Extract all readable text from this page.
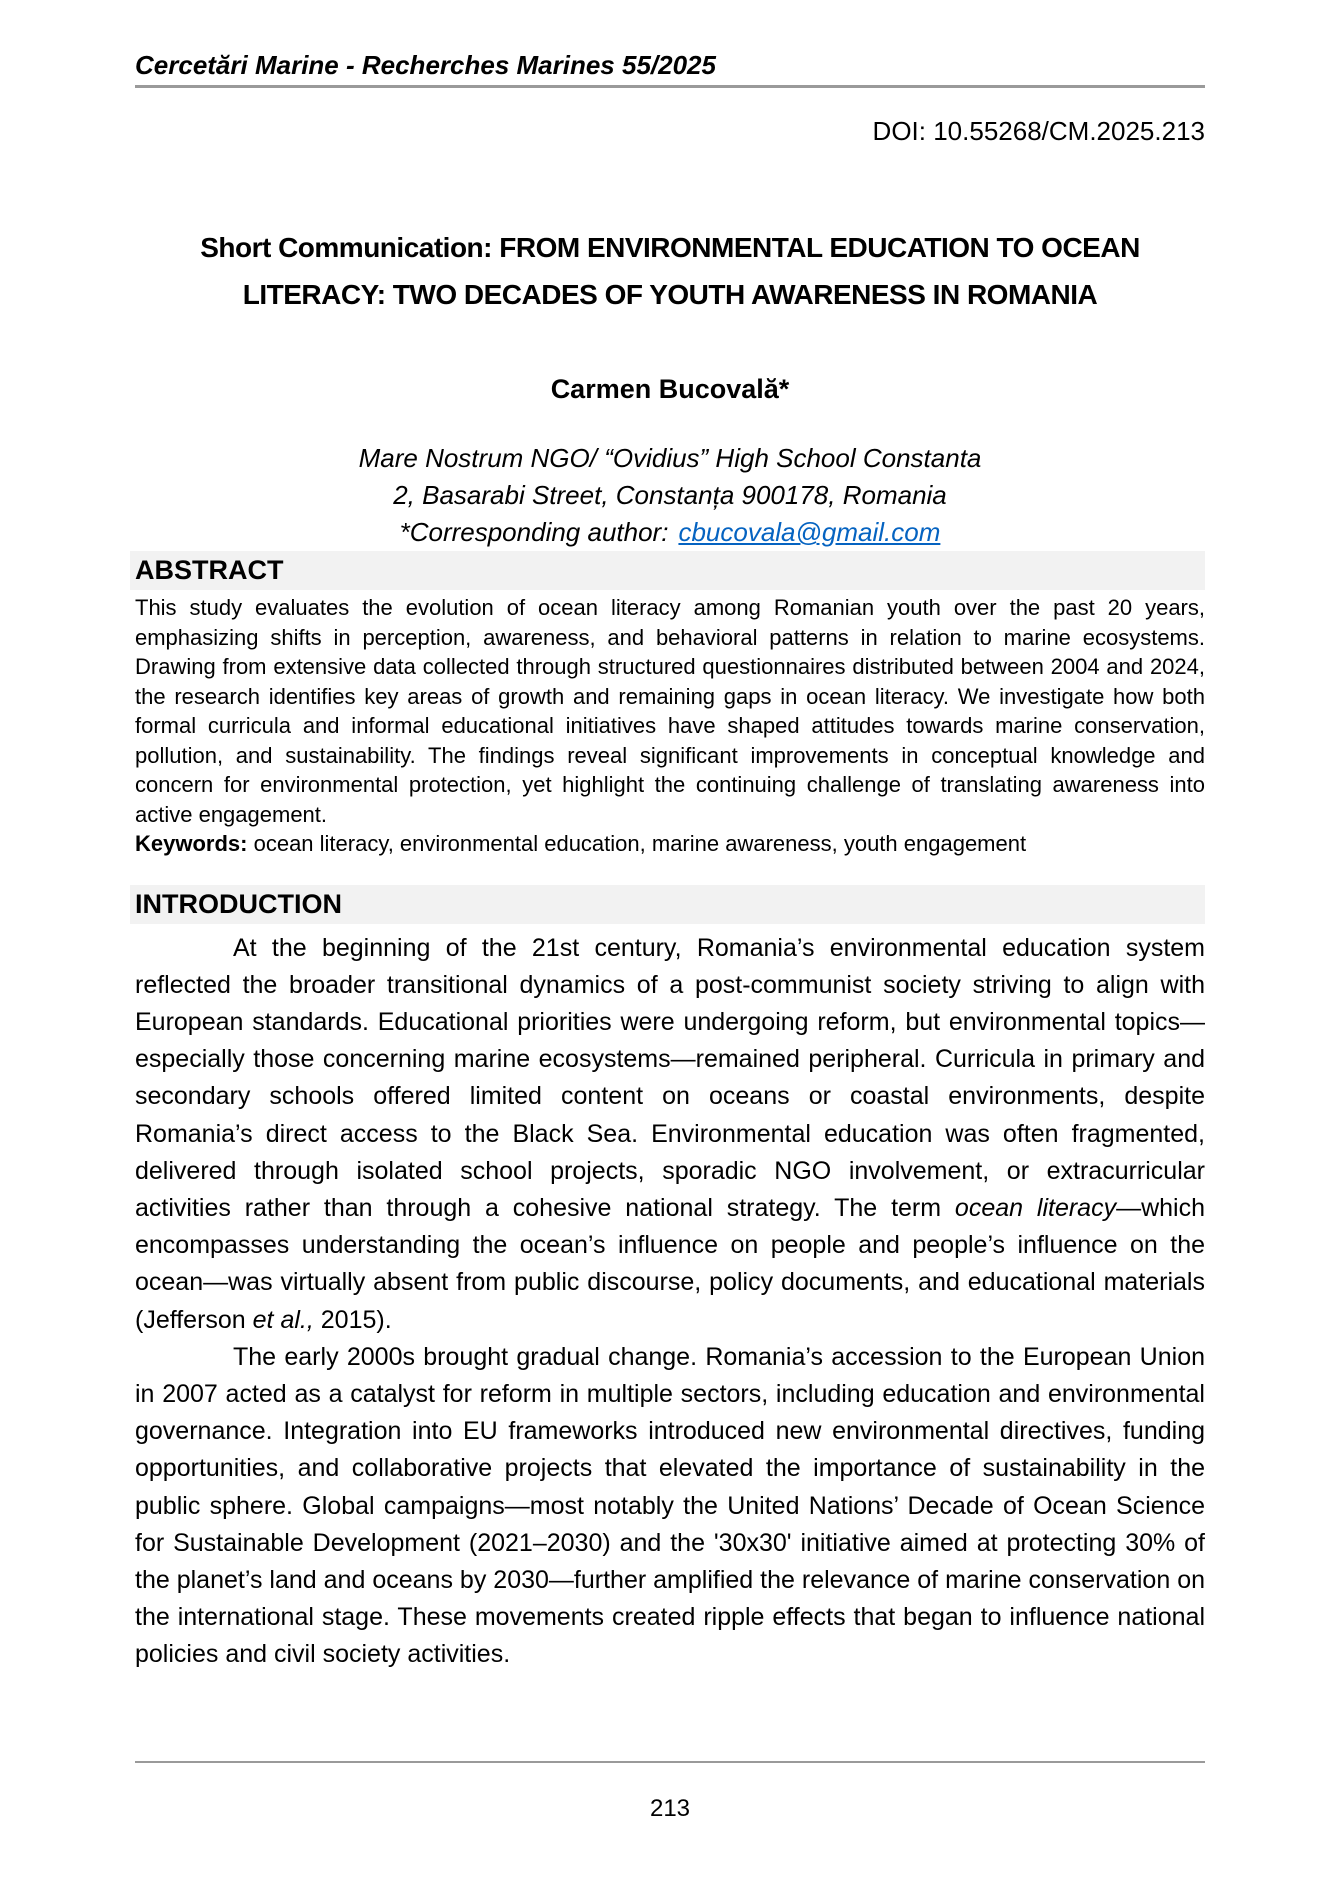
Cercetări Marine - Recherches Marines 55/2025
DOI: 10.55268/CM.2025.213
Short Communication: FROM ENVIRONMENTAL EDUCATION TO OCEAN
LITERACY: TWO DECADES OF YOUTH AWARENESS IN ROMANIA
Carmen Bucovală*
Mare Nostrum NGO/ “Ovidius” High School Constanta
2, Basarabi Street, Constanța 900178, Romania
*Corresponding author: cbucovala@gmail.com
ABSTRACT

This study evaluates the evolution of ocean literacy among Romanian youth over the past 20 years, emphasizing shifts in perception, awareness, and behavioral patterns in relation to marine ecosystems. Drawing from extensive data collected through structured questionnaires distributed between 2004 and 2024, the research identifies key areas of growth and remaining gaps in ocean literacy. We investigate how both formal curricula and informal educational initiatives have shaped attitudes towards marine conservation, pollution, and sustainability. The findings reveal significant improvements in conceptual knowledge and concern for environmental protection, yet highlight the continuing challenge of translating awareness into active engagement.

Keywords: ocean literacy, environmental education, marine awareness, youth engagement

INTRODUCTION

At the beginning of the 21st century, Romania’s environmental education system reflected the broader transitional dynamics of a post-communist society striving to align with European standards. Educational priorities were undergoing reform, but environmental topics—especially those concerning marine ecosystems—remained peripheral. Curricula in primary and secondary schools offered limited content on oceans or coastal environments, despite Romania’s direct access to the Black Sea. Environmental education was often fragmented, delivered through isolated school projects, sporadic NGO involvement, or extracurricular activities rather than through a cohesive national strategy. The term ocean literacy—which encompasses understanding the ocean’s influence on people and people’s influence on the ocean—was virtually absent from public discourse, policy documents, and educational materials (Jefferson et al., 2015).

The early 2000s brought gradual change. Romania’s accession to the European Union in 2007 acted as a catalyst for reform in multiple sectors, including education and environmental governance. Integration into EU frameworks introduced new environmental directives, funding opportunities, and collaborative projects that elevated the importance of sustainability in the public sphere. Global campaigns—most notably the United Nations’ Decade of Ocean Science for Sustainable Development (2021–2030) and the '30x30' initiative aimed at protecting 30% of the planet’s land and oceans by 2030—further amplified the relevance of marine conservation on the international stage. These movements created ripple effects that began to influence national policies and civil society activities.

213
